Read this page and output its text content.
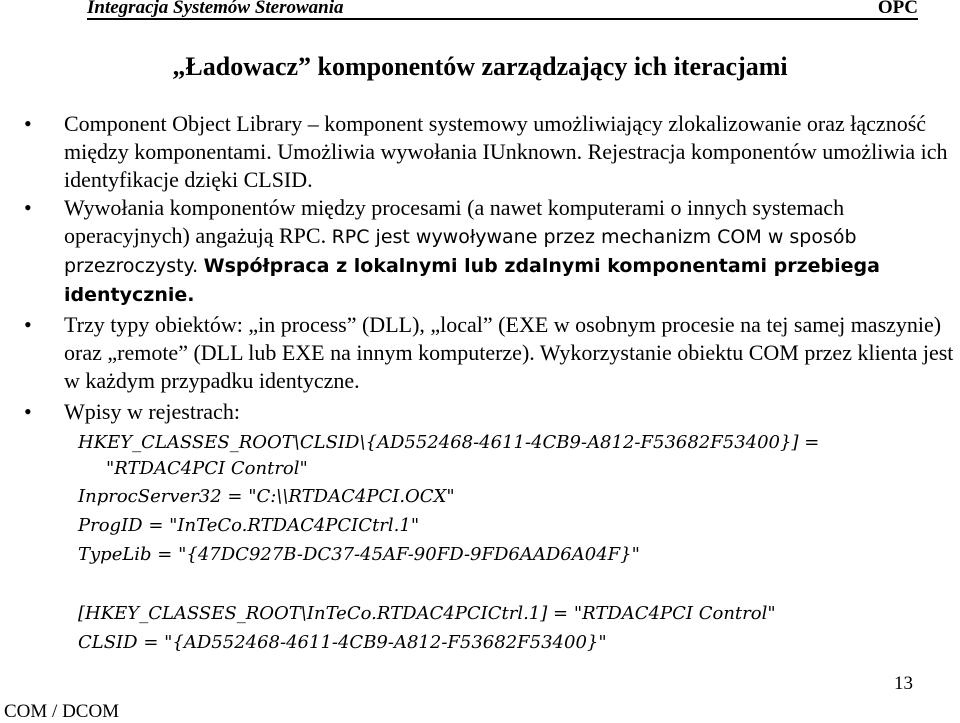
Integracja Systemów Sterowania	OPC
„Ładowacz” komponentów zarządzający ich iteracjami
• Component Object Library – komponent systemowy umożliwiający zlokalizowanie oraz łączność między komponentami. Umożliwia wywołania IUnknown. Rejestracja komponentów umożliwia ich identyfikacje dzięki CLSID.
• Wywołania komponentów między procesami (a nawet komputerami o innych systemach operacyjnych) angażują RPC. RPC jest wywoływane przez mechanizm COM w sposób przezroczysty. Współpraca z lokalnymi lub zdalnymi komponentami przebiega identycznie.
• Trzy typy obiektów: „in process” (DLL), „local” (EXE w osobnym procesie na tej samej maszynie) oraz „remote” (DLL lub EXE na innym komputerze). Wykorzystanie obiektu COM przez klienta jest w każdym przypadku identyczne.
• Wpisy w rejestrach:
HKEY_CLASSES_ROOT\CLSID\{AD552468-4611-4CB9-A812-F53682F53400}] =
"RTDAC4PCI Control"
InprocServer32 = "C:\\RTDAC4PCI.OCX"
ProgID = "InTeCo.RTDAC4PCICtrl.1"
TypeLib = "{47DC927B-DC37-45AF-90FD-9FD6AAD6A04F}"
[HKEY_CLASSES_ROOT\InTeCo.RTDAC4PCICtrl.1] = "RTDAC4PCI Control"
CLSID = "{AD552468-4611-4CB9-A812-F53682F53400}"
COM / DCOM
13
